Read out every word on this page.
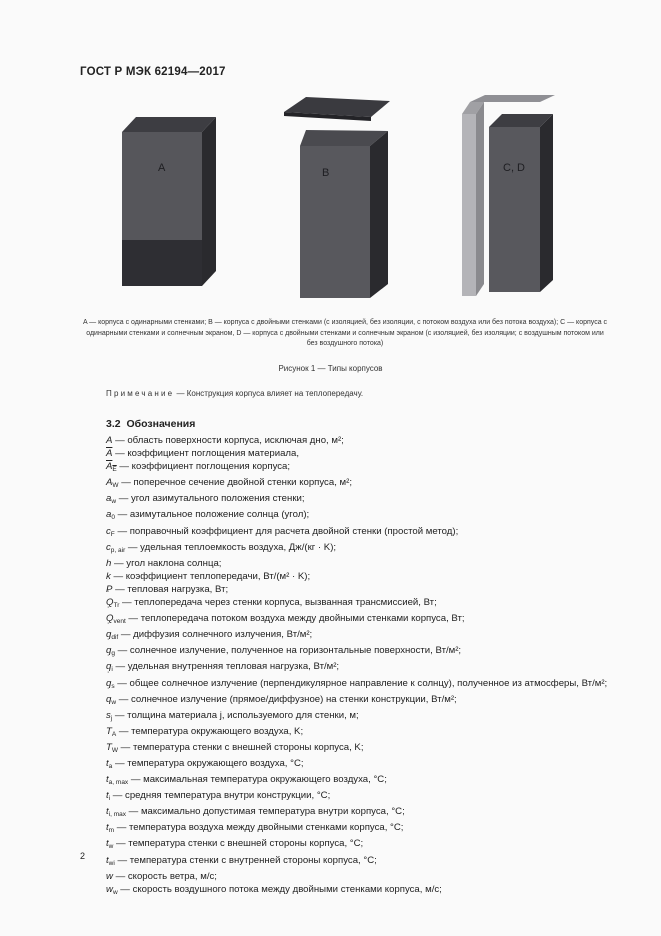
ГОСТ Р МЭК 62194—2017
A	B	C, D
A — корпуса с одинарными стенками; B — корпуса с двойными стенками (с изоляцией, без изоляции, с потоком воздуха или без потока воздуха); C — корпуса с одинарными стенками и солнечным экраном, D — корпуса с двойными стенками и солнечным экраном (с изоляцией, без изоляции; с воздушным потоком или без воздушного потока)
Рисунок 1 — Типы корпусов
Примечание — Конструкция корпуса влияет на теплопередачу.
3.2 Обозначения
A — область поверхности корпуса, исключая дно, м²;
$\overline{A}$ — коэффициент поглощения материала,
$A_E$ — коэффициент поглощения корпуса;
$A_W$ — поперечное сечение двойной стенки корпуса, м²;
$a_w$ — угол азимутального положения стенки;
$a_0$ — азимутальное положение солнца (угол);
$c_F$ — поправочный коэффициент для расчета двойной стенки (простой метод);
$c_{p, air}$ — удельная теплоемкость воздуха, Дж/(кг · K);
h — угол наклона солнца;
k — коэффициент теплопередачи, Вт/(м² · K);
P — тепловая нагрузка, Вт;
˙ $Q_{Tr}$ — теплопередача через стенки корпуса, вызванная трансмиссией, Вт;
˙ $Q_{vent}$ — теплопередача потоком воздуха между двойными стенками корпуса, Вт;
˙ $q_{dif}$ — диффузия солнечного излучения, Вт/м²;
˙ $q_g$ — солнечное излучение, полученное на горизонтальные поверхности, Вт/м²;
˙ $q_i$ — удельная внутренняя тепловая нагрузка, Вт/м²;
˙ $q_s$ — общее солнечное излучение (перпендикулярное направление к солнцу), полученное из атмосферы, Вт/м²;
˙ $q_w$ — солнечное излучение (прямое/диффузное) на стенки конструкции, Вт/м²;
$s_j$ — толщина материала j, используемого для стенки, м;
$T_A$ — температура окружающего воздуха, K;
$T_W$ — температура стенки с внешней стороны корпуса, K;
$t_a$ — температура окружающего воздуха, °C;
$t_{a, max}$ — максимальная температура окружающего воздуха, °C;
$t_i$ — средняя температура внутри конструкции, °C;
$t_{i, max}$ — максимально допустимая температура внутри корпуса, °C;
$t_m$ — температура воздуха между двойными стенками корпуса, °C;
$t_w$ — температура стенки с внешней стороны корпуса, °C;
$t_{wi}$ — температура стенки с внутренней стороны корпуса, °C;
w — скорость ветра, м/с;
$w_w$ — скорость воздушного потока между двойными стенками корпуса, м/с;
2
